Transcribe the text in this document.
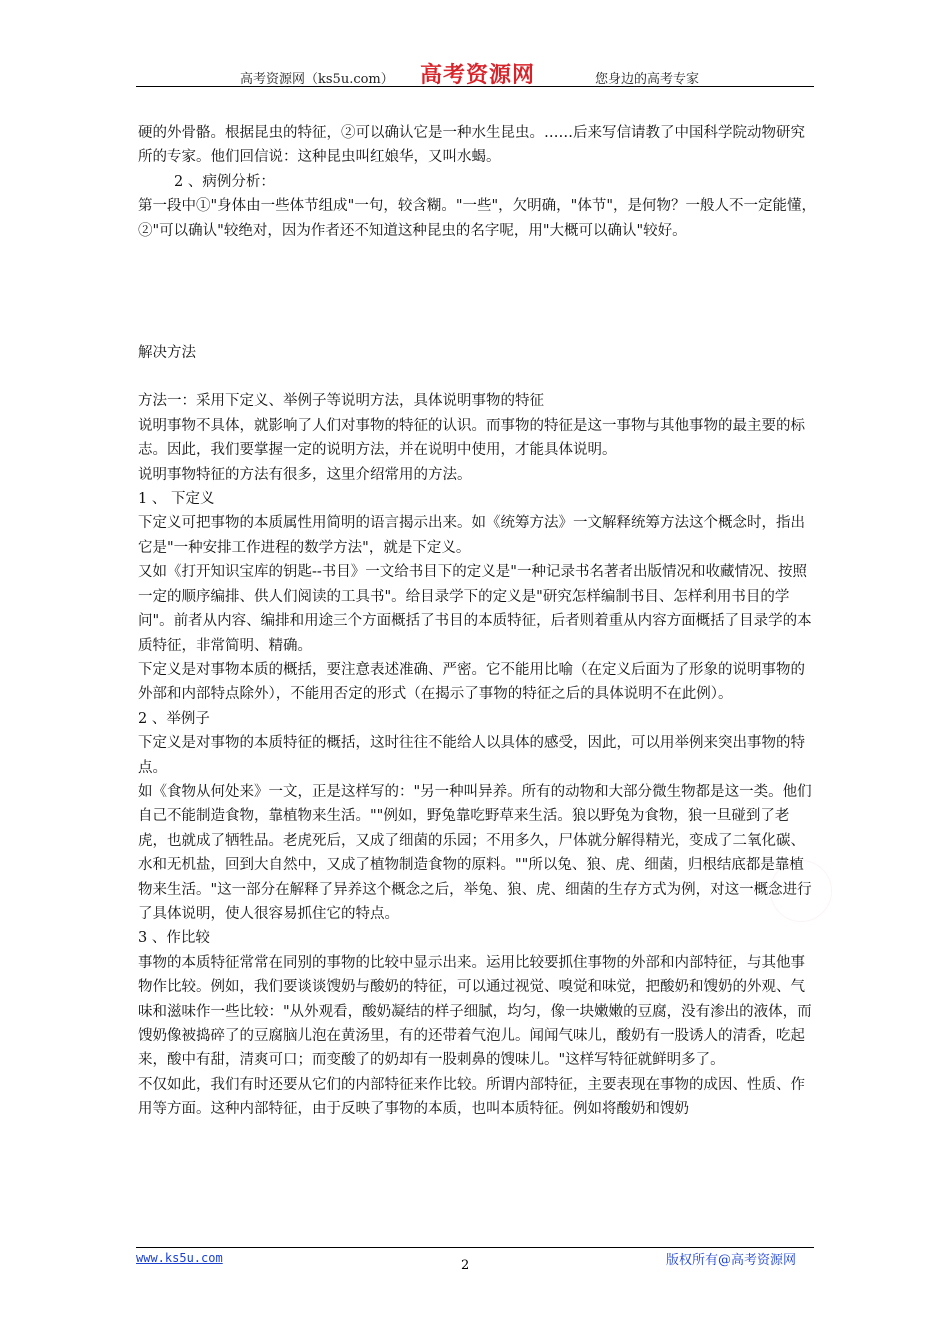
高考资源网（ks5u.com） 高考资源网	您身边的高考专家

硬的外骨骼。根据昆虫的特征，②可以确认它是一种水生昆虫。……后来写信请教了中国科学院动物研究所的专家。他们回信说：这种昆虫叫红娘华，又叫水蝎。

2 、病例分析：

第一段中①"身体由一些体节组成"一句，较含糊。"一些"，欠明确，"体节"，是何物？一般人不一定能懂，②"可以确认"较绝对，因为作者还不知道这种昆虫的名字呢，用"大概可以确认"较好。

解决方法

方法一：采用下定义、举例子等说明方法，具体说明事物的特征

说明事物不具体，就影响了人们对事物的特征的认识。而事物的特征是这一事物与其他事物的最主要的标志。因此，我们要掌握一定的说明方法，并在说明中使用，才能具体说明。

说明事物特征的方法有很多，这里介绍常用的方法。

1 、 下定义

下定义可把事物的本质属性用简明的语言揭示出来。如《统筹方法》一文解释统筹方法这个概念时，指出它是"一种安排工作进程的数学方法"，就是下定义。

又如《打开知识宝库的钥匙--书目》一文给书目下的定义是"一种记录书名著者出版情况和收藏情况、按照一定的顺序编排、供人们阅读的工具书"。给目录学下的定义是"研究怎样编制书目、怎样利用书目的学问"。前者从内容、编排和用途三个方面概括了书目的本质特征，后者则着重从内容方面概括了目录学的本质特征，非常简明、精确。

下定义是对事物本质的概括，要注意表述准确、严密。它不能用比喻（在定义后面为了形象的说明事物的外部和内部特点除外），不能用否定的形式（在揭示了事物的特征之后的具体说明不在此例）。

2 、举例子

下定义是对事物的本质特征的概括，这时往往不能给人以具体的感受，因此，可以用举例来突出事物的特点。

如《食物从何处来》一文，正是这样写的："另一种叫异养。所有的动物和大部分微生物都是这一类。他们自己不能制造食物，靠植物来生活。""例如，野兔靠吃野草来生活。狼以野兔为食物，狼一旦碰到了老虎，也就成了牺牲品。老虎死后，又成了细菌的乐园；不用多久，尸体就分解得精光，变成了二氧化碳、水和无机盐，回到大自然中，又成了植物制造食物的原料。""所以兔、狼、虎、细菌，归根结底都是靠植物来生活。"这一部分在解释了异养这个概念之后，举兔、狼、虎、细菌的生存方式为例，对这一概念进行了具体说明，使人很容易抓住它的特点。

3 、作比较

事物的本质特征常常在同别的事物的比较中显示出来。运用比较要抓住事物的外部和内部特征，与其他事物作比较。例如，我们要谈谈馊奶与酸奶的特征，可以通过视觉、嗅觉和味觉，把酸奶和馊奶的外观、气味和滋味作一些比较："从外观看，酸奶凝结的样子细腻，均匀，像一块嫩嫩的豆腐，没有渗出的液体，而馊奶像被捣碎了的豆腐脑儿泡在黄汤里，有的还带着气泡儿。闻闻气味儿，酸奶有一股诱人的清香，吃起来，酸中有甜，清爽可口；而变酸了的奶却有一股刺鼻的馊味儿。"这样写特征就鲜明多了。

不仅如此，我们有时还要从它们的内部特征来作比较。所谓内部特征，主要表现在事物的成因、性质、作用等方面。这种内部特征，由于反映了事物的本质，也叫本质特征。例如将酸奶和馊奶

www.ks5u.com	2	版权所有@高考资源网
